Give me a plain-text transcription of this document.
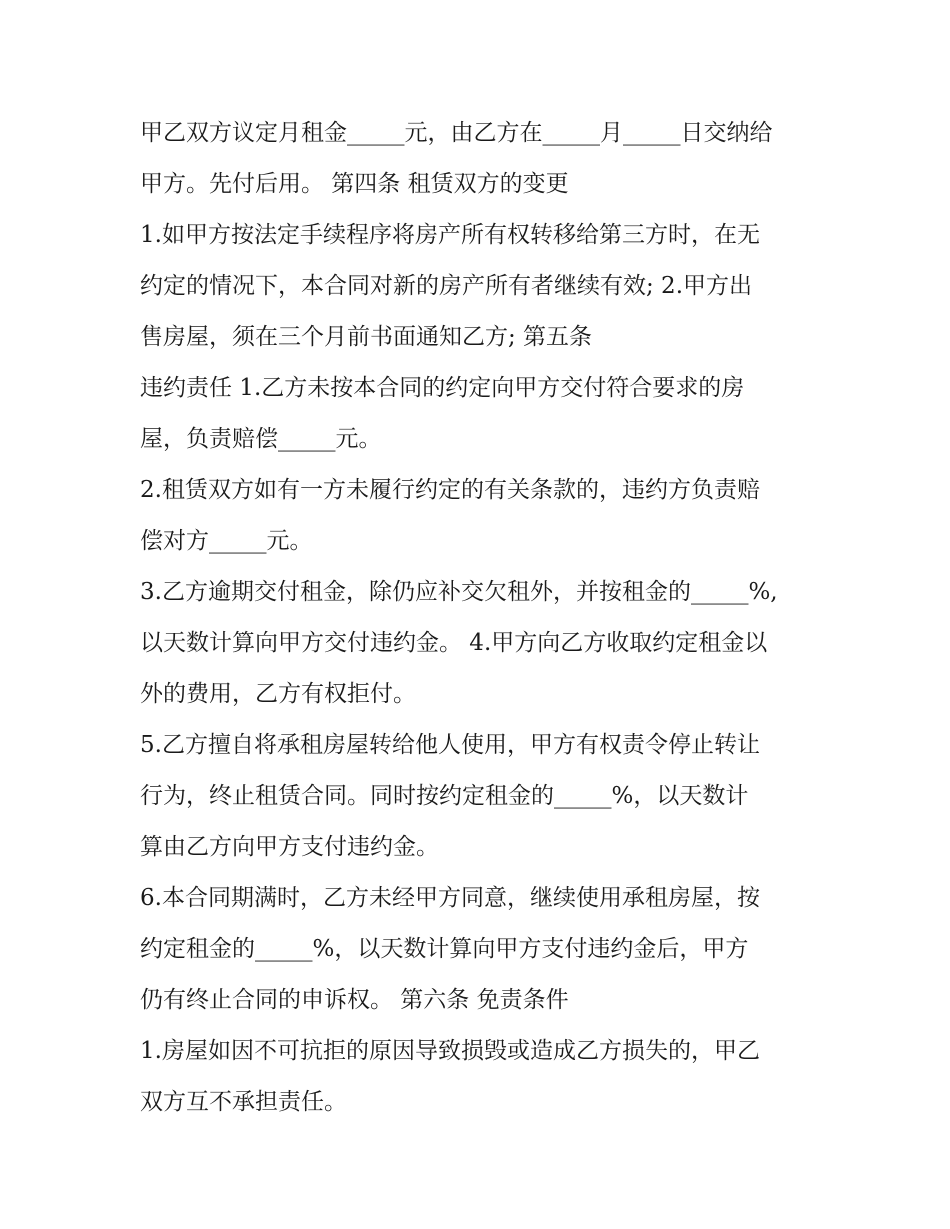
甲乙双方议定月租金_____元，由乙方在_____月_____日交纳给
甲方。先付后用。 第四条 租赁双方的变更
1.如甲方按法定手续程序将房产所有权转移给第三方时，在无
约定的情况下，本合同对新的房产所有者继续有效; 2.甲方出
售房屋，须在三个月前书面通知乙方; 第五条
违约责任 1.乙方未按本合同的约定向甲方交付符合要求的房
屋，负责赔偿_____元。
2.租赁双方如有一方未履行约定的有关条款的，违约方负责赔
偿对方_____元。
3.乙方逾期交付租金，除仍应补交欠租外，并按租金的_____%,
以天数计算向甲方交付违约金。 4.甲方向乙方收取约定租金以
外的费用，乙方有权拒付。
5.乙方擅自将承租房屋转给他人使用，甲方有权责令停止转让
行为，终止租赁合同。同时按约定租金的_____%，以天数计
算由乙方向甲方支付违约金。
6.本合同期满时，乙方未经甲方同意，继续使用承租房屋，按
约定租金的_____%，以天数计算向甲方支付违约金后，甲方
仍有终止合同的申诉权。 第六条 免责条件
1.房屋如因不可抗拒的原因导致损毁或造成乙方损失的，甲乙
双方互不承担责任。
